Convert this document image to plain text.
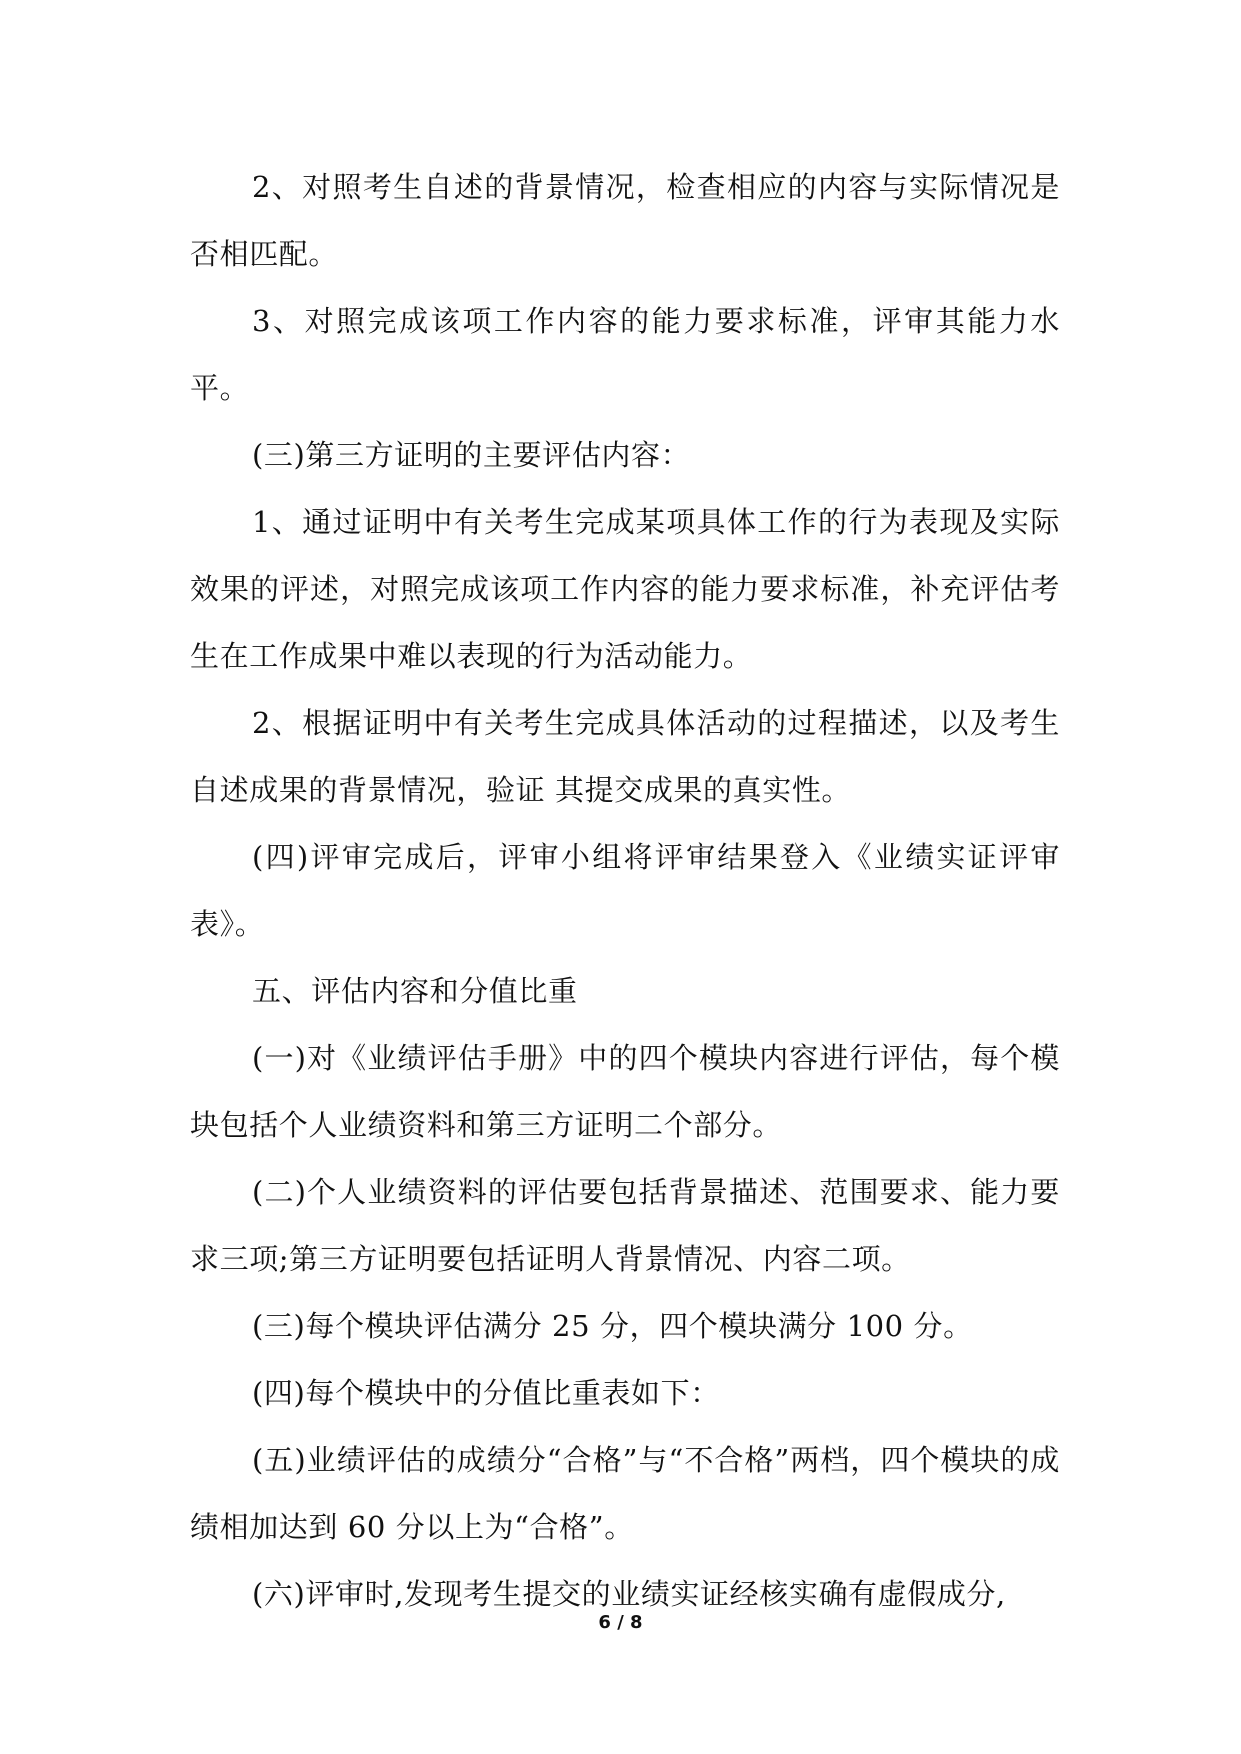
2、对照考生自述的背景情况，检查相应的内容与实际情况是否相匹配。

3、对照完成该项工作内容的能力要求标准，评审其能力水平。

(三)第三方证明的主要评估内容：

1、通过证明中有关考生完成某项具体工作的行为表现及实际效果的评述，对照完成该项工作内容的能力要求标准，补充评估考生在工作成果中难以表现的行为活动能力。

2、根据证明中有关考生完成具体活动的过程描述，以及考生自述成果的背景情况，验证 其提交成果的真实性。

(四)评审完成后，评审小组将评审结果登入《业绩实证评审表》。

五、评估内容和分值比重

(一)对《业绩评估手册》中的四个模块内容进行评估，每个模块包括个人业绩资料和第三方证明二个部分。

(二)个人业绩资料的评估要包括背景描述、范围要求、能力要求三项;第三方证明要包括证明人背景情况、内容二项。

(三)每个模块评估满分 25 分，四个模块满分 100 分。

(四)每个模块中的分值比重表如下：

(五)业绩评估的成绩分“合格”与“不合格”两档，四个模块的成绩相加达到 60 分以上为“合格”。

(六)评审时,发现考生提交的业绩实证经核实确有虚假成分,

6 / 8
